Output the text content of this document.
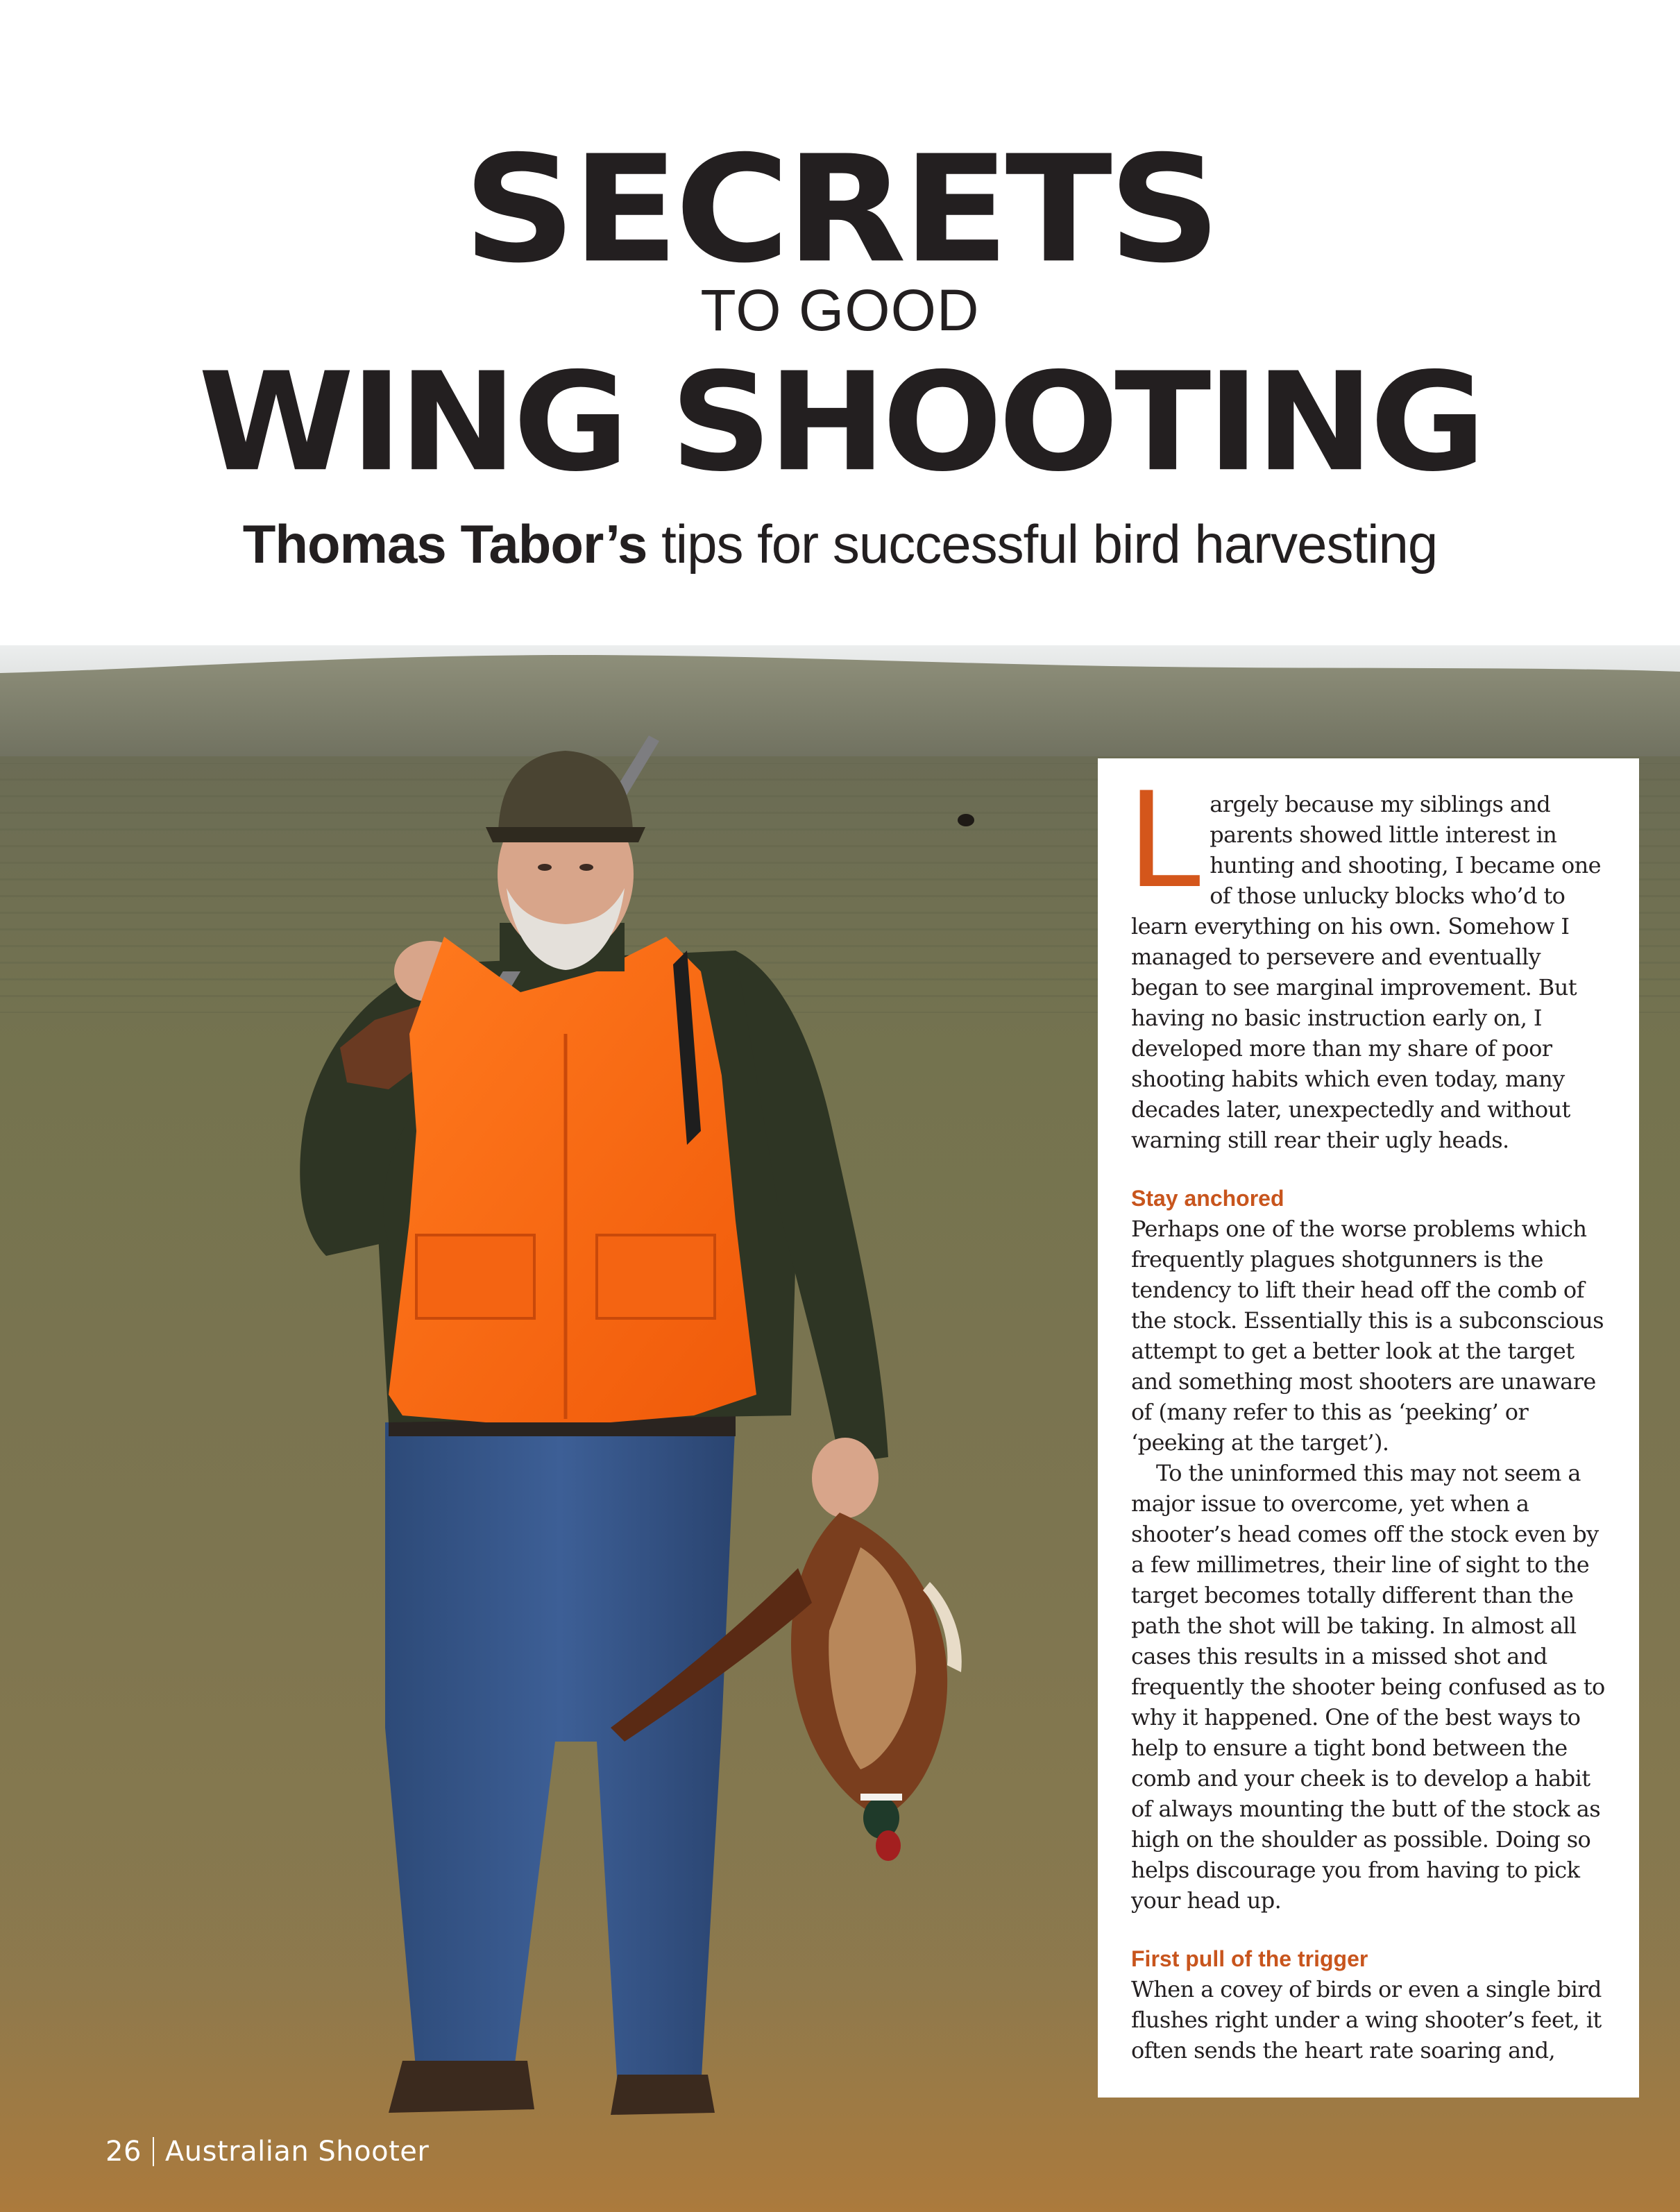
SECRETS
TO GOOD
WING SHOOTING
Thomas Tabor’s tips for successful bird harvesting

Largely because my siblings and parents showed little interest in hunting and shooting, I became one of those unlucky blocks who’d to learn everything on his own. Somehow I managed to persevere and eventually began to see marginal improvement. But having no basic instruction early on, I developed more than my share of poor shooting habits which even today, many decades later, unexpectedly and without warning still rear their ugly heads.

Stay anchored

Perhaps one of the worse problems which frequently plagues shotgunners is the tendency to lift their head off the comb of the stock. Essentially this is a subconscious attempt to get a better look at the target and something most shooters are unaware of (many refer to this as ‘peeking’ or ‘peeking at the target’).

To the uninformed this may not seem a major issue to overcome, yet when a shooter’s head comes off the stock even by a few millimetres, their line of sight to the target becomes totally different than the path the shot will be taking. In almost all cases this results in a missed shot and frequently the shooter being confused as to why it happened. One of the best ways to help to ensure a tight bond between the comb and your cheek is to develop a habit of always mounting the butt of the stock as high on the shoulder as possible. Doing so helps discourage you from having to pick your head up.

First pull of the trigger

When a covey of birds or even a single bird flushes right under a wing shooter’s feet, it often sends the heart rate soaring and,

26 Australian Shooter
